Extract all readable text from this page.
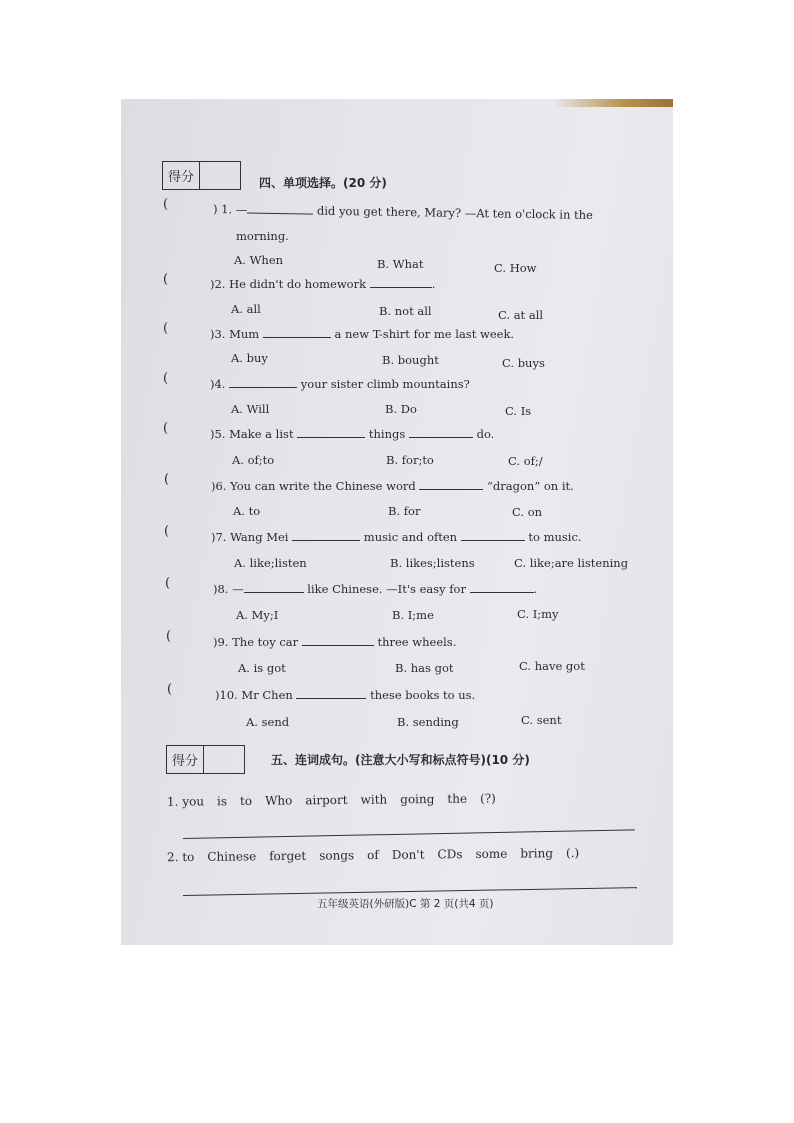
得分	四、单项选择。(20 分)
(	) 1. —	did you get there, Mary? —At ten o'clock in the
morning.
A. When	B. What	C. How
(	)2. He didn't do homework	.
A. all	B. not all	C. at all
(	)3. Mum	a new T-shirt for me last week.
A. buy	B. bought	C. buys
(	)4.	your sister climb mountains?
A. Will	B. Do	C. Is
(	)5. Make a list	things	do.
A. of;to	B. for;to	C. of;/
(	)6. You can write the Chinese word	“dragon” on it.
A. to	B. for	C. on
(	)7. Wang Mei	music and often	to music.
A. like;listen	B. likes;listens	C. like;are listening
(	)8. —	like Chinese. —It's easy for	.
A. My;I	B. I;me	C. I;my
(	)9. The toy car	three wheels.
A. is got	B. has got	C. have got
(	)10. Mr Chen	these books to us.
A. send	B. sending	C. sent
得分	五、连词成句。(注意大小写和标点符号)(10 分)
1. you is to Who airport with going the (?)
2. to Chinese forget songs of Don't CDs some bring (.)
五年级英语(外研版)C 第 2 页(共4 页)
